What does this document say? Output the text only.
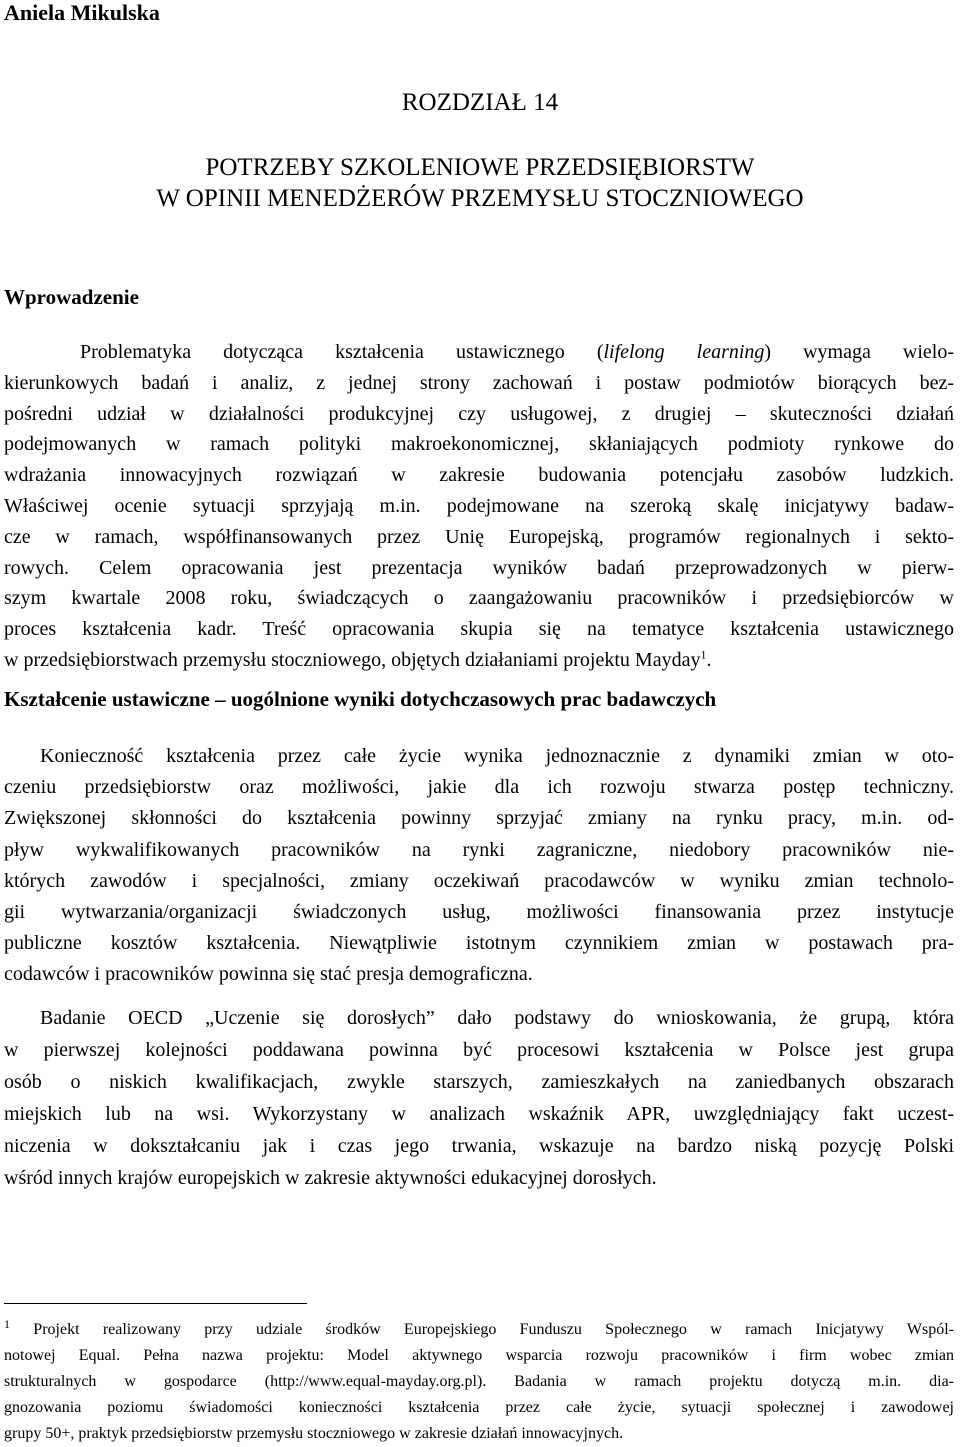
Aniela Mikulska
ROZDZIAŁ 14
POTRZEBY SZKOLENIOWE PRZEDSIĘBIORSTW
W OPINII MENEDŻERÓW PRZEMYSŁU STOCZNIOWEGO
Wprowadzenie
Problematyka dotycząca kształcenia ustawicznego (lifelong learning) wymaga wielo-
kierunkowych badań i analiz, z jednej strony zachowań i postaw podmiotów biorących bez-
pośredni udział w działalności produkcyjnej czy usługowej, z drugiej – skuteczności działań
podejmowanych w ramach polityki makroekonomicznej, skłaniających podmioty rynkowe do
wdrażania innowacyjnych rozwiązań w zakresie budowania potencjału zasobów ludzkich.
Właściwej ocenie sytuacji sprzyjają m.in. podejmowane na szeroką skalę inicjatywy badaw-
cze w ramach, współfinansowanych przez Unię Europejską, programów regionalnych i sekto-
rowych. Celem opracowania jest prezentacja wyników badań przeprowadzonych w pierw-
szym kwartale 2008 roku, świadczących o zaangażowaniu pracowników i przedsiębiorców w
proces kształcenia kadr. Treść opracowania skupia się na tematyce kształcenia ustawicznego
w przedsiębiorstwach przemysłu stoczniowego, objętych działaniami projektu Mayday$^1$.
Kształcenie ustawiczne – uogólnione wyniki dotychczasowych prac badawczych
Konieczność kształcenia przez całe życie wynika jednoznacznie z dynamiki zmian w oto-
czeniu przedsiębiorstw oraz możliwości, jakie dla ich rozwoju stwarza postęp techniczny.
Zwiększonej skłonności do kształcenia powinny sprzyjać zmiany na rynku pracy, m.in. od-
pływ wykwalifikowanych pracowników na rynki zagraniczne, niedobory pracowników nie-
których zawodów i specjalności, zmiany oczekiwań pracodawców w wyniku zmian technolo-
gii wytwarzania/organizacji świadczonych usług, możliwości finansowania przez instytucje
publiczne kosztów kształcenia. Niewątpliwie istotnym czynnikiem zmian w postawach pra-
codawców i pracowników powinna się stać presja demograficzna.
Badanie OECD „Uczenie się dorosłych” dało podstawy do wnioskowania, że grupą, która
w pierwszej kolejności poddawana powinna być procesowi kształcenia w Polsce jest grupa
osób o niskich kwalifikacjach, zwykle starszych, zamieszkałych na zaniedbanych obszarach
miejskich lub na wsi. Wykorzystany w analizach wskaźnik APR, uwzględniający fakt uczest-
niczenia w dokształcaniu jak i czas jego trwania, wskazuje na bardzo niską pozycję Polski
wśród innych krajów europejskich w zakresie aktywności edukacyjnej dorosłych.
$^1$ Projekt realizowany przy udziale środków Europejskiego Funduszu Społecznego w ramach Inicjatywy Wspól-
notowej Equal. Pełna nazwa projektu: Model aktywnego wsparcia rozwoju pracowników i firm wobec zmian
strukturalnych w gospodarce (http://www.equal-mayday.org.pl). Badania w ramach projektu dotyczą m.in. dia-
gnozowania poziomu świadomości konieczności kształcenia przez całe życie, sytuacji społecznej i zawodowej
grupy 50+, praktyk przedsiębiorstw przemysłu stoczniowego w zakresie działań innowacyjnych.
